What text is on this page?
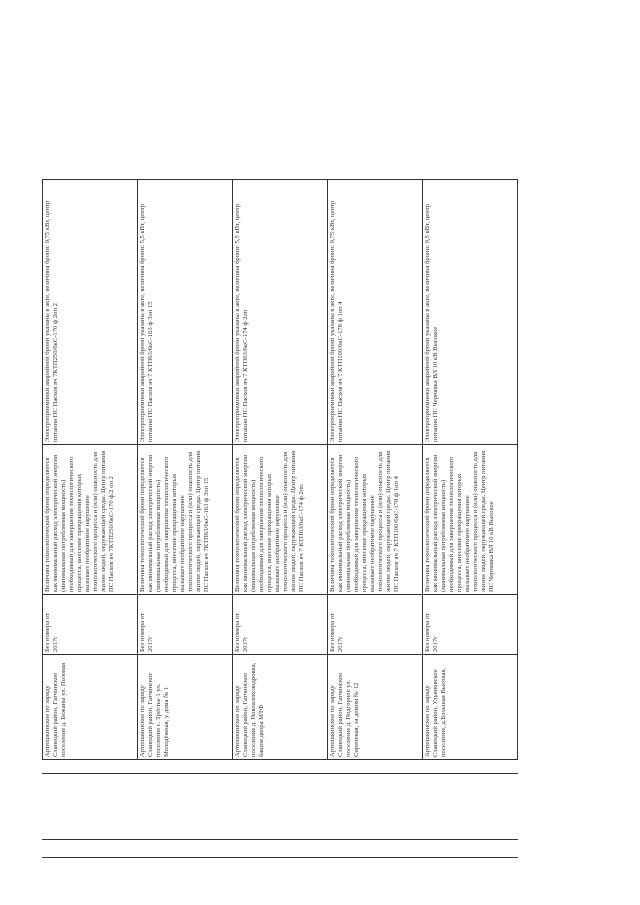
Артюшкинское по заряду Сланецкий район, Гатчинское поселение д. Бежаны ул. Полевая	Без номера от 2017г	Величина технологической брони определяется как минимальный расход электрической энергии (минимальная потребляемая мощность) необходимый для завершения технологического процесса, внесение прекращения которых вызывает необратимое нарушение технологического процесса и (или) опасность для жизни людей, окружающей среды. Центр питания ПС Пасхов яч 7КТП250/6кС-170 ф.2 оп 2	Электроприемники аварийной брони указаны в акте, величина брони: 9,75 кВт, центр питания ПС Пасхов яч 7КТП250/6кС-170 ф 2оп 2
Артюшкинское по заряду Сланецкий район, Гатчинское поселение с. Трёстье 1 ул. Молодёжная, у дома № 1	Без номера от 2017г	Величина технологической брони определяется как минимальный расход электрической энергии (минимальная потребляемая мощность) необходимый для завершения технологического процесса, внесение прекращения которых вызывает необратимое нарушение технологического процесса и (или) опасность для жизни людей, окружающей среды. Центр питания ПС Пасхов яч 7КТП63/6кС-163 ф 3оп 15	Электроприемники аварийной брони указаны в акте, величина брони: 5,5 кВт, центр питания ПС Пасхов яч 7 КТП63/6кС-163 ф 3оп 15
Артюшкинское по заряду Сланецкий район, Гатчинское поселение д. Новоалександровка, башня двора МТФ	Без номера от 2017г	Величина технологической брони определяется как минимальный расход электрической энергии (минимальная потребляемая мощность) необходимый для завершения технологического процесса, внесение прекращения которых вызывает необратимое нарушение технологического процесса и (или) опасность для жизни людей, окружающей среды. Центр питания ПС Пасхов яч 7 КТП63/6кС-174 ф 2оп	Электроприемники аварийной брони указаны в акте, величина брони: 5,5 кВт, центр питания ПС Пасхов яч 7 КТП63/6кС-174 ф 2оп
Артюшкинское по заряду Сланецкий район, Гатчинское поселение д. Подгорное ул. Сиреневая, за домом № 12	Без номера от 2017г	Величина технологической брони определяется как минимальный расход электрической энергии (минимальная потребляемая мощность) необходимый для завершения технологического процесса, внесение прекращения которых вызывает необратимое нарушение технологического процесса и (или) опасность для жизни людей, окружающей среды. Центр питания ПС Пасхов яч 7 КТП100/6кС-178 ф 1оп 4	Электроприемники аварийной брони указаны в акте, величина брони: 9,75 кВт, центр питания ПС Пасхов яч 7 КТП100/6кС-178 ф 1оп 4
Артюшкинское по заряду Сланецкий район, Ульяновское поселение, д.Большая Высокая,	Без номера от 2017г	Величина технологической брони определяется как минимальный расход электрической энергии (минимальная потребляемая мощность) необходимый для завершения технологического процесса, внесение прекращения которых вызывает необратимое нарушение технологического процесса и (или) опасность для жизни людей, окружающей среды. Центр питания ПС Чернявка ВЛ 10 кВ Высокое	Электроприемники аварийной брони указаны в акте, величина брони: 9,5 кВт, центр питания ПС Чернявка ВЛ 10 кВ Высокое
